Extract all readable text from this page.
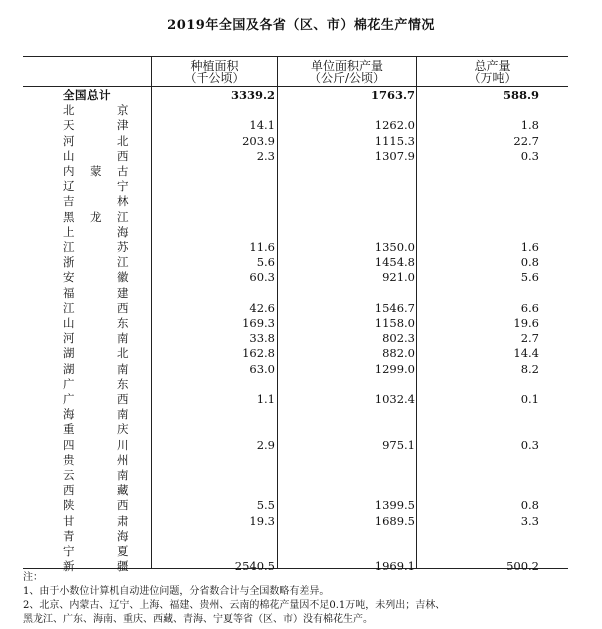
2019年全国及各省（区、市）棉花生产情况
种植面积
（千公顷）
单位面积产量
（公斤/公顷）
总产量
（万吨）
全国总计	3339.2	1763.7	588.9
北	京
天	津	14.1	1262.0	1.8
河	北	203.9	1115.3	22.7
山	西	2.3	1307.9	0.3
内 蒙 古
辽	宁
吉	林
黑 龙 江
上	海
江	苏	11.6	1350.0	1.6
浙	江	5.6	1454.8	0.8
安	徽	60.3	921.0	5.6
福	建
江	西	42.6	1546.7	6.6
山	东	169.3	1158.0	19.6
河	南	33.8	802.3	2.7
湖	北	162.8	882.0	14.4
湖	南	63.0	1299.0	8.2
广	东
广	西	1.1	1032.4	0.1
海	南
重	庆
四	川	2.9	975.1	0.3
贵	州
云	南
西	藏
陕	西	5.5	1399.5	0.8
甘	肃	19.3	1689.5	3.3
青	海
宁	夏
新	疆	2540.5	1969.1	500.2
注：
1、由于小数位计算机自动进位问题，分省数合计与全国数略有差异。
2、北京、内蒙古、辽宁、上海、福建、贵州、云南的棉花产量因不足0.1万吨，未列出；吉林、
黑龙江、广东、海南、重庆、西藏、青海、宁夏等省（区、市）没有棉花生产。
